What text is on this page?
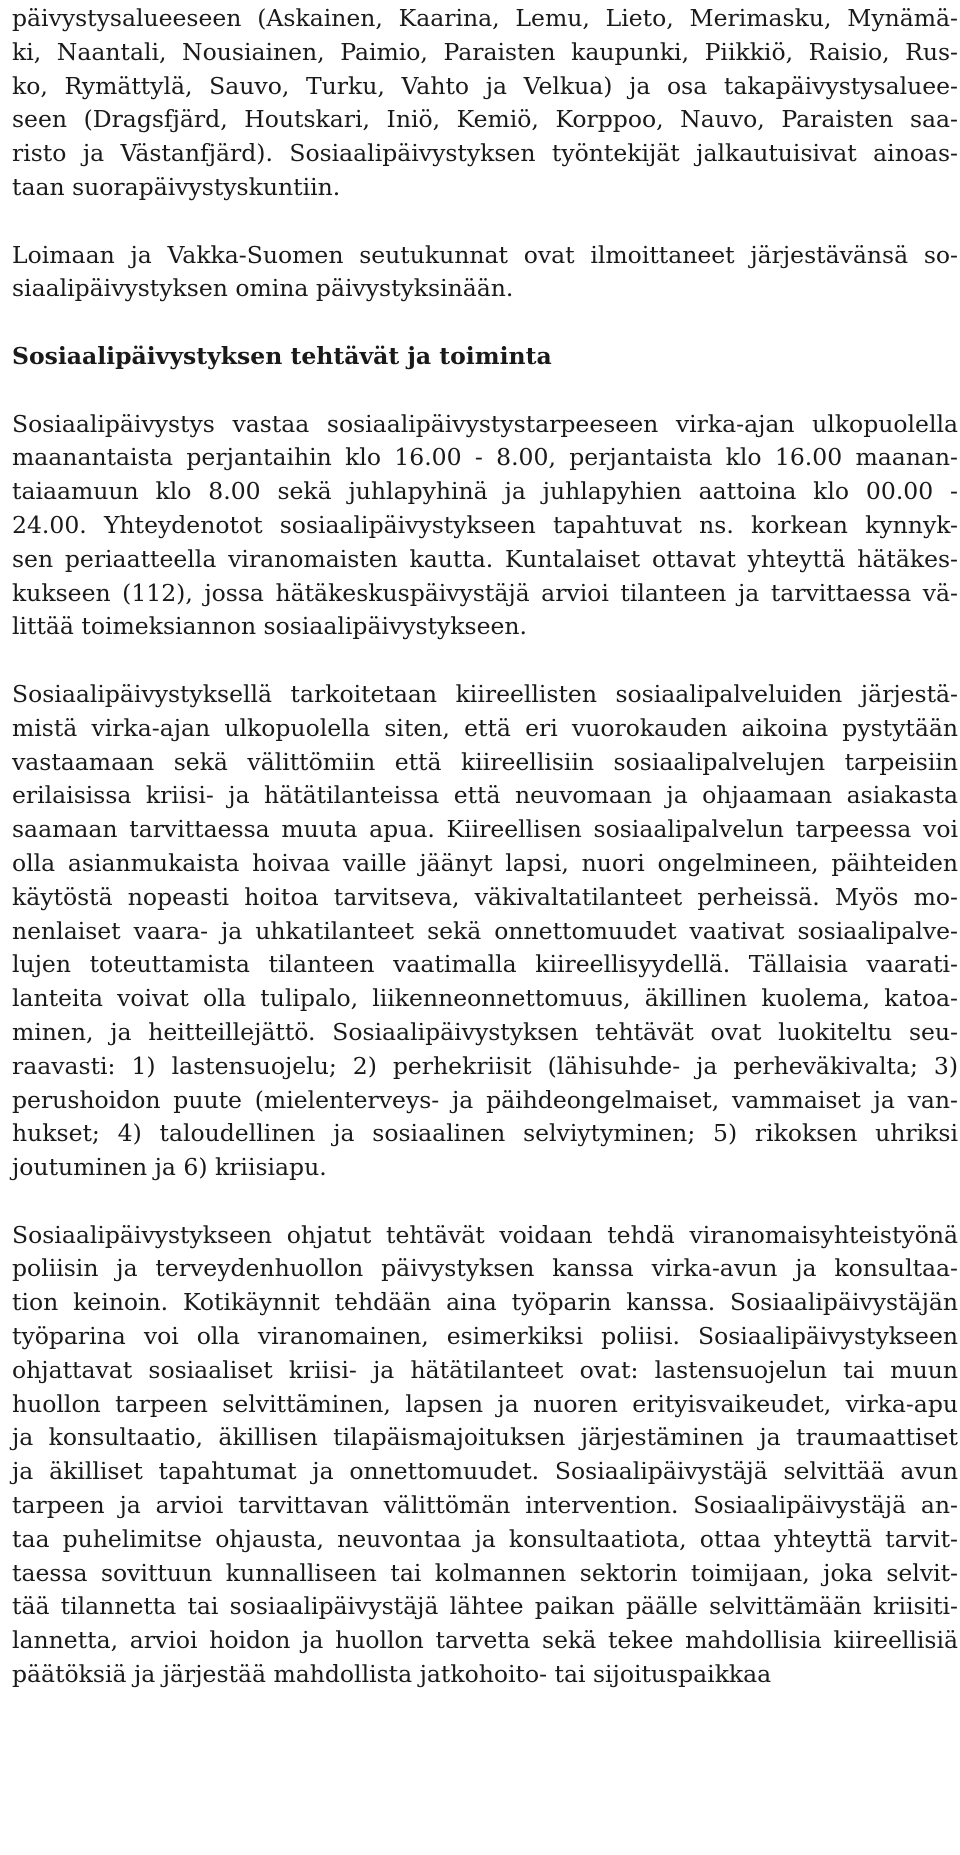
päivystysalueeseen (Askainen, Kaarina, Lemu, Lieto, Merimasku, Mynämä-
ki, Naantali, Nousiainen, Paimio, Paraisten kaupunki, Piikkiö, Raisio, Rus-
ko, Rymättylä, Sauvo, Turku, Vahto ja Velkua) ja osa takapäivystysaluee-
seen (Dragsfjärd, Houtskari, Iniö, Kemiö, Korppoo, Nauvo, Paraisten saa-
risto ja Västanfjärd). Sosiaalipäivystyksen työntekijät jalkautuisivat ainoas-
taan suorapäivystyskuntiin.
Loimaan ja Vakka-Suomen seutukunnat ovat ilmoittaneet järjestävänsä so-
siaalipäivystyksen omina päivystyksinään.
Sosiaalipäivystyksen tehtävät ja toiminta
Sosiaalipäivystys vastaa sosiaalipäivystystarpeeseen virka-ajan ulkopuolella
maanantaista perjantaihin klo 16.00 - 8.00, perjantaista klo 16.00 maanan-
taiaamuun klo 8.00 sekä juhlapyhinä ja juhlapyhien aattoina klo 00.00 -
24.00. Yhteydenotot sosiaalipäivystykseen tapahtuvat ns. korkean kynnyk-
sen periaatteella viranomaisten kautta. Kuntalaiset ottavat yhteyttä hätäkes-
kukseen (112), jossa hätäkeskuspäivystäjä arvioi tilanteen ja tarvittaessa vä-
littää toimeksiannon sosiaalipäivystykseen.
Sosiaalipäivystyksellä tarkoitetaan kiireellisten sosiaalipalveluiden järjestä-
mistä virka-ajan ulkopuolella siten, että eri vuorokauden aikoina pystytään
vastaamaan sekä välittömiin että kiireellisiin sosiaalipalvelujen tarpeisiin
erilaisissa kriisi- ja hätätilanteissa että neuvomaan ja ohjaamaan asiakasta
saamaan tarvittaessa muuta apua. Kiireellisen sosiaalipalvelun tarpeessa voi
olla asianmukaista hoivaa vaille jäänyt lapsi, nuori ongelmineen, päihteiden
käytöstä nopeasti hoitoa tarvitseva, väkivaltatilanteet perheissä. Myös mo-
nenlaiset vaara- ja uhkatilanteet sekä onnettomuudet vaativat sosiaalipalve-
lujen toteuttamista tilanteen vaatimalla kiireellisyydellä. Tällaisia vaarati-
lanteita voivat olla tulipalo, liikenneonnettomuus, äkillinen kuolema, katoa-
minen, ja heitteillejättö. Sosiaalipäivystyksen tehtävät ovat luokiteltu seu-
raavasti: 1) lastensuojelu; 2) perhekriisit (lähisuhde- ja perheväkivalta; 3)
perushoidon puute (mielenterveys- ja päihdeongelmaiset, vammaiset ja van-
hukset; 4) taloudellinen ja sosiaalinen selviytyminen; 5) rikoksen uhriksi
joutuminen ja 6) kriisiapu.
Sosiaalipäivystykseen ohjatut tehtävät voidaan tehdä viranomaisyhteistyönä
poliisin ja terveydenhuollon päivystyksen kanssa virka-avun ja konsultaa-
tion keinoin. Kotikäynnit tehdään aina työparin kanssa. Sosiaalipäivystäjän
työparina voi olla viranomainen, esimerkiksi poliisi. Sosiaalipäivystykseen
ohjattavat sosiaaliset kriisi- ja hätätilanteet ovat: lastensuojelun tai muun
huollon tarpeen selvittäminen, lapsen ja nuoren erityisvaikeudet, virka-apu
ja konsultaatio, äkillisen tilapäismajoituksen järjestäminen ja traumaattiset
ja äkilliset tapahtumat ja onnettomuudet. Sosiaalipäivystäjä selvittää avun
tarpeen ja arvioi tarvittavan välittömän intervention. Sosiaalipäivystäjä an-
taa puhelimitse ohjausta, neuvontaa ja konsultaatiota, ottaa yhteyttä tarvit-
taessa sovittuun kunnalliseen tai kolmannen sektorin toimijaan, joka selvit-
tää tilannetta tai sosiaalipäivystäjä lähtee paikan päälle selvittämään kriisiti-
lannetta, arvioi hoidon ja huollon tarvetta sekä tekee mahdollisia kiireellisiä
päätöksiä ja järjestää mahdollista jatkohoito- tai sijoituspaikkaa
